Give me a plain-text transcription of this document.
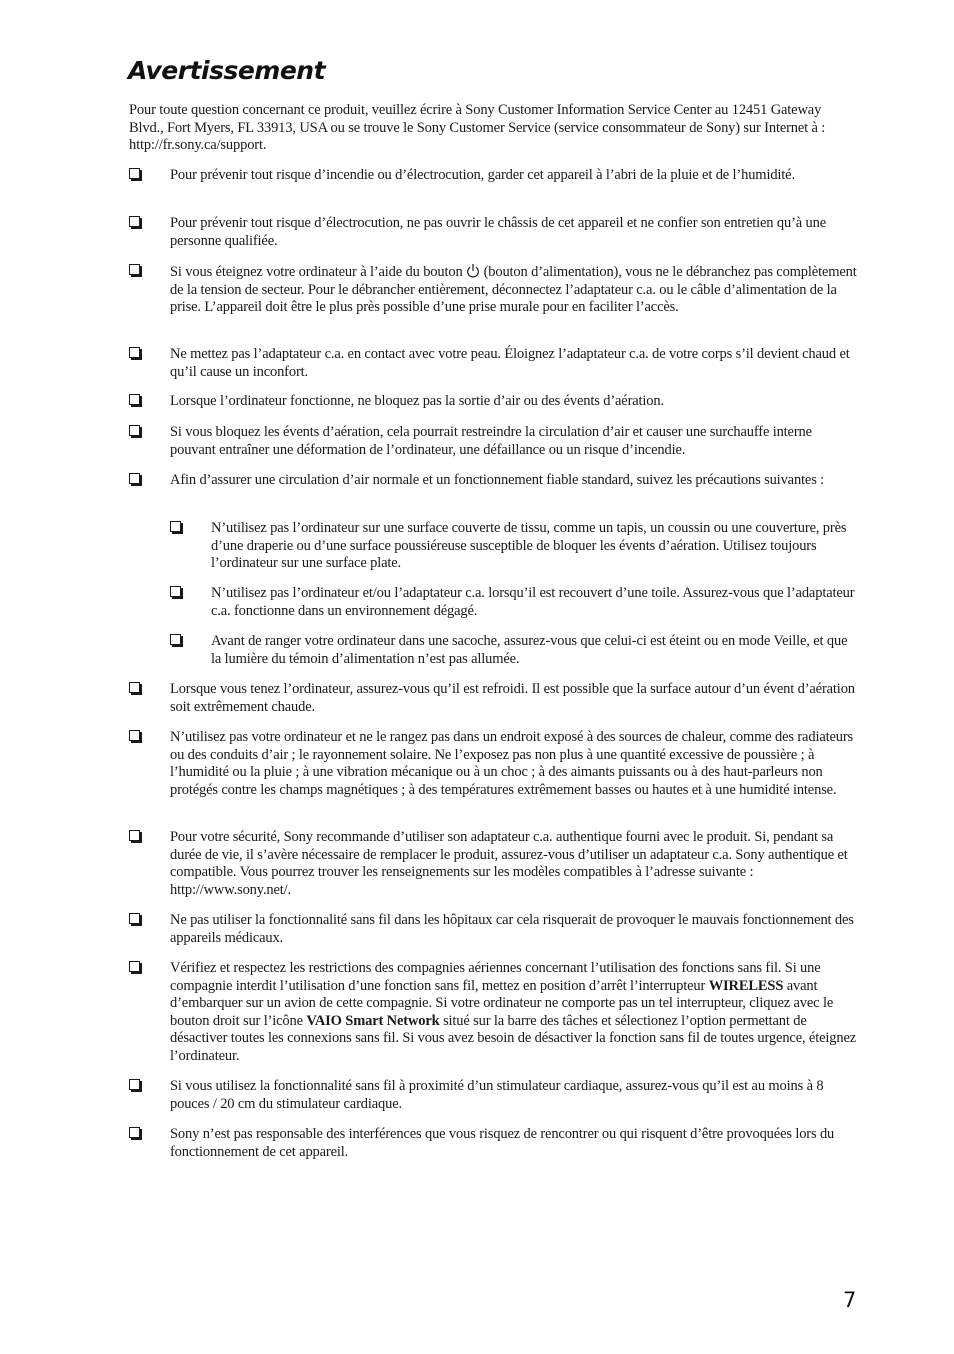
Avertissement

Pour toute question concernant ce produit, veuillez écrire à Sony Customer Information Service Center au 12451 Gateway Blvd., Fort Myers, FL 33913, USA ou se trouve le Sony Customer Service (service consommateur de Sony) sur Internet à : http://fr.sony.ca/support.

Pour prévenir tout risque d’incendie ou d’électrocution, garder cet appareil à l’abri de la pluie et de l’humidité.
Pour prévenir tout risque d’électrocution, ne pas ouvrir le châssis de cet appareil et ne confier son entretien qu’à une personne qualifiée.
Si vous éteignez votre ordinateur à l’aide du bouton (bouton d’alimentation), vous ne le débranchez pas complètement de la tension de secteur. Pour le débrancher entièrement, déconnectez l’adaptateur c.a. ou le câble d’alimentation de la prise. L’appareil doit être le plus près possible d’une prise murale pour en faciliter l’accès.
Ne mettez pas l’adaptateur c.a. en contact avec votre peau. Éloignez l’adaptateur c.a. de votre corps s’il devient chaud et qu’il cause un inconfort.
Lorsque l’ordinateur fonctionne, ne bloquez pas la sortie d’air ou des évents d’aération.
Si vous bloquez les évents d’aération, cela pourrait restreindre la circulation d’air et causer une surchauffe interne pouvant entraîner une déformation de l’ordinateur, une défaillance ou un risque d’incendie.
Afin d’assurer une circulation d’air normale et un fonctionnement fiable standard, suivez les précautions suivantes :
N’utilisez pas l’ordinateur sur une surface couverte de tissu, comme un tapis, un coussin ou une couverture, près d’une draperie ou d’une surface poussiéreuse susceptible de bloquer les évents d’aération. Utilisez toujours l’ordinateur sur une surface plate.
N’utilisez pas l’ordinateur et/ou l’adaptateur c.a. lorsqu’il est recouvert d’une toile. Assurez-vous que l’adaptateur c.a. fonctionne dans un environnement dégagé.
Avant de ranger votre ordinateur dans une sacoche, assurez-vous que celui-ci est éteint ou en mode Veille, et que la lumière du témoin d’alimentation n’est pas allumée.
Lorsque vous tenez l’ordinateur, assurez-vous qu’il est refroidi. Il est possible que la surface autour d’un évent d’aération soit extrêmement chaude.
N’utilisez pas votre ordinateur et ne le rangez pas dans un endroit exposé à des sources de chaleur, comme des radiateurs ou des conduits d’air ; le rayonnement solaire. Ne l’exposez pas non plus à une quantité excessive de poussière ; à l’humidité ou la pluie ; à une vibration mécanique ou à un choc ; à des aimants puissants ou à des haut-parleurs non protégés contre les champs magnétiques ; à des températures extrêmement basses ou hautes et à une humidité intense.
Pour votre sécurité, Sony recommande d’utiliser son adaptateur c.a. authentique fourni avec le produit. Si, pendant sa durée de vie, il s’avère nécessaire de remplacer le produit, assurez-vous d’utiliser un adaptateur c.a. Sony authentique et compatible. Vous pourrez trouver les renseignements sur les modèles compatibles à l’adresse suivante : http://www.sony.net/.
Ne pas utiliser la fonctionnalité sans fil dans les hôpitaux car cela risquerait de provoquer le mauvais fonctionnement des appareils médicaux.
Vérifiez et respectez les restrictions des compagnies aériennes concernant l’utilisation des fonctions sans fil. Si une compagnie interdit l’utilisation d’une fonction sans fil, mettez en position d’arrêt l’interrupteur WIRELESS avant d’embarquer sur un avion de cette compagnie. Si votre ordinateur ne comporte pas un tel interrupteur, cliquez avec le bouton droit sur l’icône VAIO Smart Network situé sur la barre des tâches et sélectionez l’option permettant de désactiver toutes les connexions sans fil. Si vous avez besoin de désactiver la fonction sans fil de toutes urgence, éteignez l’ordinateur.
Si vous utilisez la fonctionnalité sans fil à proximité d’un stimulateur cardiaque, assurez-vous qu’il est au moins à 8 pouces / 20 cm du stimulateur cardiaque.
Sony n’est pas responsable des interférences que vous risquez de rencontrer ou qui risquent d’être provoquées lors du fonctionnement de cet appareil.
7
